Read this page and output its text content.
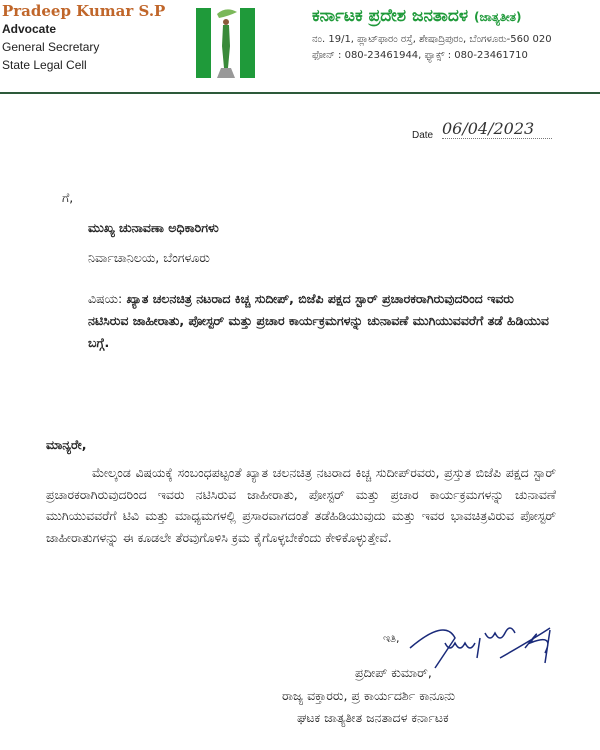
Pradeep Kumar S.P
Advocate
General Secretary
State Legal Cell
ಕರ್ನಾಟಕ ಪ್ರದೇಶ ಜನತಾದಳ (ಜಾತ್ಯತೀತ)
ನಂ. 19/1, ಪ್ಲಾಟ್‌ಫಾರಂ ರಸ್ತೆ, ಶೇಷಾದ್ರಿಪುರಂ, ಬೆಂಗಳೂರು-560 020
ಫೋನ್ : 080-23461944, ಫ್ಯಾಕ್ಸ್ : 080-23461710
Date 06/04/2023
ಗೆ,
ಮುಖ್ಯ ಚುನಾವಣಾ ಅಧಿಕಾರಿಗಳು
ನಿರ್ವಾಚಾನಿಲಯ, ಬೆಂಗಳೂರು
ವಿಷಯ: ಖ್ಯಾತ ಚಲನಚಿತ್ರ ನಟರಾದ ಕಿಚ್ಚ ಸುದೀಪ್, ಬಿಜೆಪಿ ಪಕ್ಷದ ಸ್ಟಾರ್ ಪ್ರಚಾರಕರಾಗಿರುವುದರಿಂದ ಇವರು ನಟಿಸಿರುವ ಜಾಹೀರಾತು, ಪೋಸ್ಟರ್ ಮತ್ತು ಪ್ರಚಾರ ಕಾರ್ಯಕ್ರಮಗಳನ್ನು ಚುನಾವಣೆ ಮುಗಿಯುವವರೆಗೆ ತಡೆ ಹಿಡಿಯುವ ಬಗ್ಗೆ.
ಮಾನ್ಯರೇ,
ಮೇಲ್ಕಂಡ ವಿಷಯಕ್ಕೆ ಸಂಬಂಧಪಟ್ಟಂತೆ ಖ್ಯಾತ ಚಲನಚಿತ್ರ ನಟರಾದ ಕಿಚ್ಚ ಸುದೀಪ್‌ರವರು, ಪ್ರಸ್ತುತ ಬಿಜೆಪಿ ಪಕ್ಷದ ಸ್ಟಾರ್ ಪ್ರಚಾರಕರಾಗಿರುವುದರಿಂದ ಇವರು ನಟಿಸಿರುವ ಜಾಹೀರಾತು, ಪೋಸ್ಟರ್ ಮತ್ತು ಪ್ರಚಾರ ಕಾರ್ಯಕ್ರಮಗಳನ್ನು ಚುನಾವಣೆ ಮುಗಿಯುವವರೆಗೆ ಟಿವಿ ಮತ್ತು ಮಾಧ್ಯಮಗಳಲ್ಲಿ ಪ್ರಸಾರವಾಗದಂತೆ ತಡೆಹಿಡಿಯುವುದು ಮತ್ತು ಇವರ ಭಾವಚಿತ್ರವಿರುವ ಪೋಸ್ಟರ್ ಜಾಹೀರಾತುಗಳನ್ನು ಈ ಕೂಡಲೇ ತೆರವುಗೊಳಿಸಿ ಕ್ರಮ ಕೈಗೊಳ್ಳಬೇಕೆಂದು ಕೇಳಿಕೊಳ್ಳುತ್ತೇವೆ.
ಇತಿ,
ಪ್ರದೀಪ್ ಕುಮಾರ್,
ರಾಜ್ಯ ವಕ್ತಾರರು, ಪ್ರ ಕಾರ್ಯದರ್ಶಿ ಕಾನೂನು
ಘಟಕ ಜಾತ್ಯತೀತ ಜನತಾದಳ ಕರ್ನಾಟಕ
